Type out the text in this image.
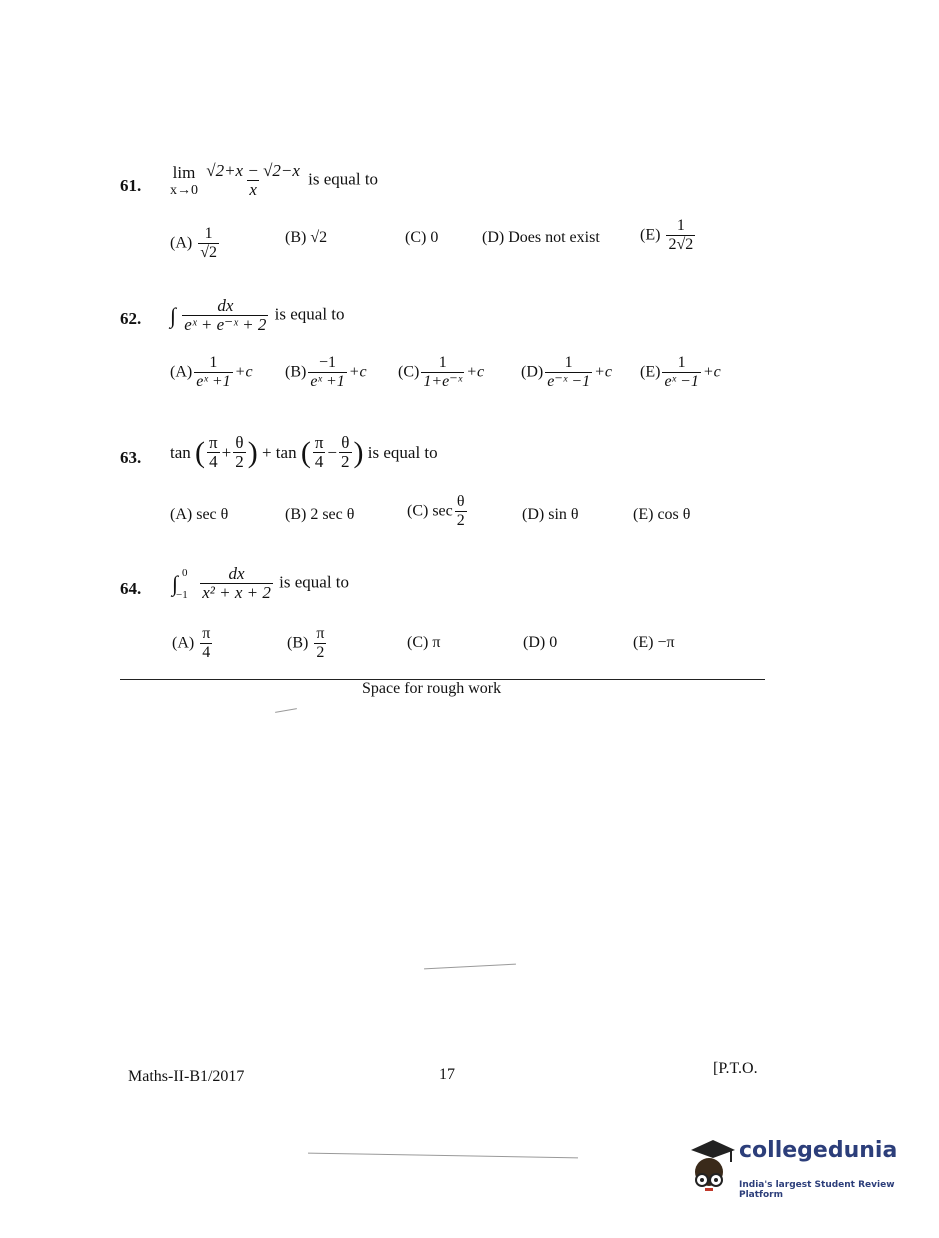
61.
lim
x→0
$\frac{√2+x - √2-x}{x}$ is equal to
$(A) \frac{1}{√2}$	(B) √2	(C) 0	(D) Does not exist	$(E) \frac{1}{2√2}$
62. ∫ $\frac{dx}{\text{eˣ + e⁻ˣ + 2}}$ is equal to
$(A) \frac{1}{\text{eˣ +1}} +c$ $(B) \frac{-1}{\text{eˣ +1}} +c$ $(C) \frac{1}{\text{1+e⁻ˣ}} +c$ $(D) \frac{1}{\text{e⁻ˣ −1}} +c$ $(E) \frac{1}{\text{eˣ −1}} +c$
63. tan ( $\frac{\pi}{4} + \frac{\theta}{2}$ ) + tan ( $\frac{\pi}{4} - \frac{\theta}{2}$ ) is equal to
(A) sec θ	(B) 2 sec θ	(C) $\sec \frac{\theta}{2}$	(D) sin θ	(E) cos θ
64. ∫ 0
−1
$\frac{dx}{\text{x² + x + 2}}$ is equal to
$(A) \frac{\pi}{4}$	$(B) \frac{\pi}{2}$	(C) π	(D) 0	(E) −π
Space for rough work
Maths-II-B1/2017	17	[P.T.O.
collegedunia
India's largest Student Review Platform
